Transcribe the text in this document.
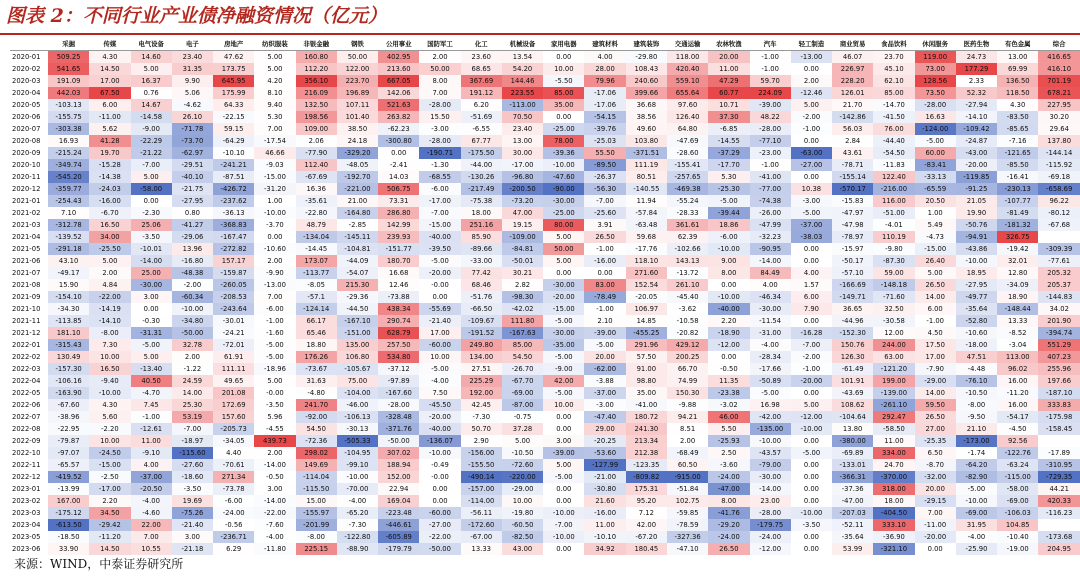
图表 2：不同行业产业债净融资情况（亿元）
	采掘	传媒	电气设备	电子	房地产	纺织服装	非银金融	钢铁	公用事业	国防军工	化工	机械设备	家用电器	建筑材料	建筑装饰	交通运输	农林牧渔	汽车	轻工制造	商业贸易	食品饮料	休闲服务	医药生物	有色金属	综合
2020-01	509.25	4.30	14.60	23.40	47.62	5.00	160.80	50.00	402.95	2.00	23.60	13.54	0.00	4.00	-29.80	118.00	20.00	-1.00	-13.00	46.07	23.70	119.00	24.73	13.00	416.65
2020-02	541.65	14.50	5.00	31.35	173.75	5.00	112.20	122.00	213.60	50.00	68.65	54.20	10.00	28.00	108.43	420.40	11.00	-1.00	0.00	226.97	45.10	73.00	177.29	69.99	416.10
2020-03	191.09	17.00	16.37	9.90	645.95	4.20	356.10	223.70	667.05	8.00	367.69	144.46	-5.50	79.96	240.60	559.10	47.29	59.70	2.00	228.20	62.10	128.56	2.33	136.50	701.19
2020-04	442.03	67.50	0.76	5.06	175.99	8.10	216.09	196.89	142.06	7.00	191.12	223.55	85.00	-17.06	399.66	655.64	60.77	224.09	-12.46	126.01	85.00	73.50	52.32	118.50	678.21
2020-05	-103.13	6.00	14.67	-4.62	64.33	9.40	132.50	107.11	521.63	-28.00	6.20	-113.00	35.00	-17.06	36.68	97.60	10.71	-39.00	5.00	21.70	-14.70	-28.00	-27.94	4.30	227.95
2020-06	-155.75	-11.00	-14.58	26.10	-22.15	5.30	198.56	101.40	263.82	15.50	-51.69	70.50	0.00	-54.15	38.56	126.40	37.30	48.22	-2.00	-142.86	-41.50	16.63	-14.10	-83.50	30.20
2020-07	-303.38	5.62	-9.00	-71.78	59.15	7.00	109.00	38.50	-62.23	-3.00	-6.55	23.40	-25.00	-39.76	49.60	64.80	-6.85	-28.00	-1.00	56.03	76.00	-124.00	-109.42	-85.65	29.64
2020-08	16.93	41.28	-22.29	-73.70	-64.29	-17.54	2.06	24.18	-300.80	-28.00	67.77	13.00	78.00	-25.03	103.80	-47.69	-14.55	-77.10	0.00	2.84	-44.40	-5.00	-24.87	-7.16	137.80
2020-09	-215.24	19.70	-21.22	-62.97	-10.10	46.66	-77.90	-329.20	0.00	-190.71	-175.50	30.00	-39.36	55.50	-371.51	-28.60	-37.29	-23.00	-63.00	43.61	-54.50	60.00	-43.00	-121.65	-144.14
2020-10	-349.74	-15.28	-7.00	-29.51	-241.21	-9.03	112.40	-48.05	-2.41	-1.30	-44.00	-17.00	-10.00	-89.50	111.19	-155.41	-17.70	-1.00	-27.00	-78.71	-11.83	-83.41	-20.00	-85.50	-115.92
2020-11	-545.20	-14.38	5.00	-40.10	-87.51	-15.00	-67.69	-192.70	14.03	-68.55	-130.26	-96.80	-47.60	-26.37	80.51	-257.65	5.30	-41.00	0.00	-155.14	122.40	-33.13	-119.85	-16.41	-69.18
2020-12	-359.77	-24.03	-58.00	-21.75	-426.72	-31.20	16.36	-221.00	506.75	-6.00	-217.49	-200.50	-90.00	-56.30	-140.55	-469.38	-25.30	-77.00	10.38	-570.17	-216.00	-65.59	-91.25	-230.13	-658.69
2021-01	-254.43	-16.00	0.00	-27.95	-237.62	1.00	-35.61	21.00	73.31	-17.00	-75.38	-73.20	-30.00	-7.00	11.94	-55.24	-5.00	-74.38	-3.00	-15.83	116.00	20.50	21.05	-107.77	96.22
2021-02	7.10	-6.70	-2.30	0.80	-36.13	-10.00	-22.80	-164.80	286.80	-7.00	18.00	47.00	-25.00	-25.60	-57.84	-28.33	-39.44	-26.00	-5.00	-47.97	-51.00	1.00	19.90	-81.49	-80.12
2021-03	-312.78	16.50	25.06	-41.27	-368.83	-3.70	48.79	-2.85	142.99	-15.00	251.16	19.15	80.00	3.91	-63.48	361.61	18.86	-47.99	-37.00	-47.98	-4.01	5.49	-50.76	-181.32	-67.68
2021-04	-139.52	34.00	-3.50	-29.06	-167.47	0.00	-134.04	-145.11	239.93	-40.00	85.90	-109.00	5.00	26.50	59.68	62.39	-6.00	-32.23	-38.03	-78.97	110.19	-4.73	-94.91	326.75	
2021-05	-291.18	-25.50	-10.01	13.96	-272.82	-10.60	-14.45	-104.81	-151.77	-39.50	-89.66	-84.81	50.00	-1.00	-17.76	-102.66	-10.00	-90.95	0.00	-15.97	-9.80	-15.00	-43.86	-19.42	-309.39
2021-06	43.10	5.00	-14.00	-16.80	157.17	2.00	173.07	-44.09	180.70	-5.00	-33.00	-50.01	5.00	-16.00	118.10	143.13	9.00	-14.00	0.00	-50.17	-87.30	26.40	-10.00	32.01	-77.61
2021-07	-49.17	2.00	25.00	-48.38	-159.87	-9.90	-113.77	-54.07	16.68	-20.00	77.42	30.21	0.00	0.00	271.60	-13.72	8.00	84.49	4.00	-57.10	59.00	5.00	18.95	12.80	205.32
2021-08	15.90	4.84	-30.00	-2.00	-260.05	-13.00	-8.05	215.30	12.46	-0.00	68.46	2.82	-30.00	83.00	152.54	261.10	0.00	4.00	1.57	-166.69	-148.18	26.50	-27.95	-34.09	205.37
2021-09	-154.10	-22.00	3.00	-60.34	-208.53	7.00	-57.1	-29.36	-73.88	0.00	-51.76	-98.30	-20.00	-78.49	-20.05	-45.40	-10.00	-46.34	6.00	-149.71	-71.60	14.00	-49.77	18.90	-144.83
2021-10	-34.30	-14.19	0.00	-10.00	-243.64	-6.00	-124.14	-44.50	438.34	-55.69	-66.50	-42.02	-15.00	-1.00	106.97	-3.62	-40.00	-30.00	7.90	36.65	32.50	6.00	-35.64	-148.44	34.02
2021-11	-113.85	-14.10	-0.30	-34.80	-30.01	-1.00	66.17	-167.10	290.74	-21.40	-109.67	111.80	-5.00	2.10	14.85	-10.58	2.20	-11.54	0.00	-44.96	-30.58	-1.00	-52.80	13.33	201.90
2021-12	181.10	-8.00	-31.31	-50.00	-24.21	-1.60	65.46	-151.00	628.79	17.00	-191.52	-167.63	-30.00	-39.00	-455.25	-20.82	-18.90	-31.00	-16.28	-152.30	12.00	4.50	-10.60	-8.52	-394.74
2022-01	-315.43	7.30	-5.00	32.78	-72.01	-5.00	18.80	135.00	257.50	-60.00	249.80	85.00	-35.00	-5.00	291.96	429.12	-12.00	-4.00	-7.00	150.76	244.00	17.50	-18.00	-3.04	551.29
2022-02	130.49	10.00	5.00	2.00	61.91	-5.00	176.26	106.80	534.80	10.00	134.00	54.50	-5.00	20.00	57.50	200.25	0.00	-28.34	-2.00	126.30	63.00	17.00	47.51	113.00	407.23
2022-03	-157.30	16.50	-13.40	-1.22	111.11	-18.96	-73.67	-105.67	-37.12	-5.00	27.51	-26.70	-9.00	-62.00	91.00	66.70	-0.50	-17.66	-1.00	-61.49	-121.20	-7.90	-4.48	96.02	255.96
2022-04	-106.16	-9.40	40.50	24.59	49.65	5.00	31.63	75.00	-97.89	-4.00	225.29	-67.70	42.00	-3.88	98.80	74.99	11.35	-50.89	-20.00	101.91	199.00	-29.00	-76.10	16.00	197.66
2022-05	-163.90	-10.00	-4.70	14.00	201.08	-0.00	-4.80	-104.00	-167.60	7.50	192.00	-69.00	-5.00	-37.00	35.00	150.30	-23.38	-5.00	0.00	-43.69	-139.00	14.00	-10.50	-11.20	-187.10
2022-06	-67.60	4.30	7.45	25.30	172.69	-3.50	241.70	-46.00	-28.00	-45.50	42.45	-87.00	10.00	-3.00	-41.00	-9.88	-3.02	16.98	5.00	108.62	-261.10	59.50	-8.00	16.00	333.83
2022-07	-38.96	5.60	-1.00	53.19	157.60	5.96	-92.00	-106.13	-328.48	-20.00	-7.30	-0.75	0.00	-47.40	180.72	94.21	46.00	-42.00	-12.00	-104.64	292.47	26.50	-9.50	-54.17	-175.98
2022-08	-22.95	-2.20	-12.61	-7.00	-205.73	-4.55	54.50	-30.13	-371.76	-40.00	50.70	37.28	0.00	29.00	241.30	8.51	5.50	-135.00	-10.00	13.80	-58.50	27.00	21.10	-4.50	-158.45
2022-09	-79.87	10.00	11.00	-18.97	-34.05	439.73	-72.36	-505.33	-50.00	-136.07	2.90	5.00	3.00	-20.25	213.34	2.00	-25.93	-10.00	0.00	-380.00	11.00	-25.35	-173.00	92.56	
2022-10	-97.07	-24.50	-9.10	-115.60	4.40	2.00	298.02	-104.95	307.02	-10.00	-156.00	-10.50	-39.00	-53.60	212.38	-68.49	2.50	-43.57	-5.00	-69.89	334.00	6.50	-1.74	-122.76	-17.89
2022-11	-65.57	-15.00	4.00	-27.60	-70.61	-14.00	149.69	-99.10	188.94	-0.49	-155.50	-72.60	5.00	-127.99	-123.35	60.50	-3.60	-79.00	0.00	-133.01	24.70	-8.70	-64.20	-63.24	-310.95
2022-12	-419.52	-2.50	-37.00	-18.60	271.34	-0.50	-114.04	-10.00	152.00	-0.00	-490.14	-220.00	-5.00	-21.00	-809.82	-915.00	-24.00	-30.00	0.00	-366.31	-370.00	-32.00	-82.90	-115.00	-729.35
2023-01	-13.99	-17.00	-20.50	-3.50	-73.78	3.00	-115.50	-70.00	22.94	0.00	-157.00	-29.00	0.00	-30.80	175.31	-51.84	-47.00	-14.00	0.00	-37.36	318.00	20.00	-5.00	-58.00	44.21
2023-02	167.00	2.20	-4.00	19.69	-6.00	-14.00	15.00	-4.00	169.04	0.00	-114.00	10.00	0.00	21.60	95.20	102.75	8.00	23.00	0.00	-47.00	18.00	-29.15	-10.00	-69.00	420.33
2023-03	-175.12	34.50	-4.60	-75.26	-24.00	-22.00	-155.97	-65.20	-223.48	-60.00	-56.11	-19.80	-10.00	-16.00	7.12	-59.85	-41.76	-28.00	-10.00	-207.03	-404.50	7.00	-69.00	-106.03	-116.23
2023-04	-613.50	-29.42	22.00	-21.40	-0.56	-7.60	-201.99	-7.30	-446.61	-27.00	-172.60	-60.50	-7.00	11.00	42.00	-78.59	-29.20	-179.75	-3.50	-52.11	333.10	-11.00	31.95	104.85	
2023-05	-18.50	-11.20	7.00	3.00	-236.71	-4.00	-8.00	-122.80	-605.89	-22.00	-67.00	-82.50	-10.00	-10.10	-67.20	-327.36	-24.00	-24.00	0.00	-35.64	-36.90	-20.00	-4.00	-10.40	-173.68
2023-06	33.90	14.50	10.55	-21.18	6.29	-11.80	225.15	-88.90	-179.79	-50.00	13.33	43.00	0.00	34.92	180.45	-47.10	26.50	-12.00	0.00	53.99	-321.10	0.00	-25.90	-19.00	204.95
来源：WIND，中泰证券研究所
